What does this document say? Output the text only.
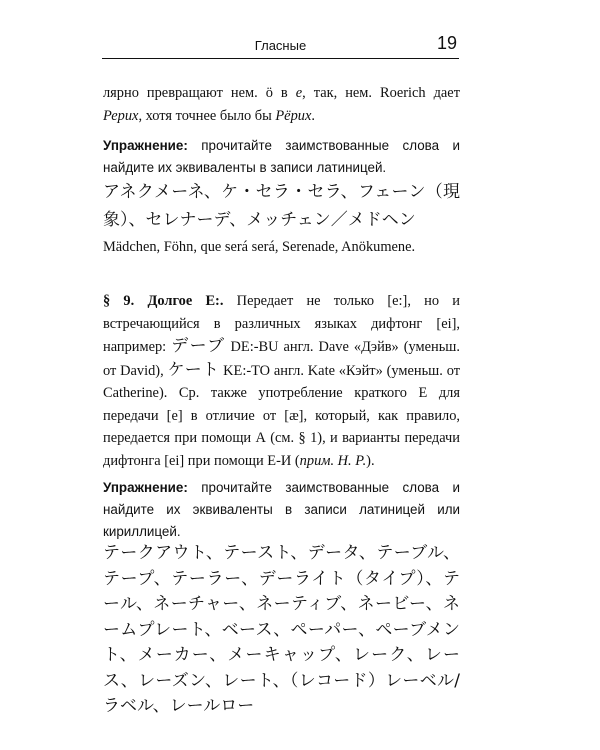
Гласные	19
лярно превращают нем. ö в е, так, нем. Roerich дает Рерих, хотя точнее было бы Рёрих.
Упражнение: прочитайте заимствованные слова и найдите их эквиваленты в записи латиницей.
アネクメーネ、ケ・セラ・セラ、フェーン（現象）、セレナーデ、メッチェン／メドヘン
Mädchen, Föhn, que será será, Serenade, Anökumene.
§ 9. Долгое Е:. Передает не только [e:], но и встречающийся в различных языках дифтонг [ei], например: デーブ DE:-BU англ. Dave «Дэйв» (уменьш. от David), ケート KE:-TO англ. Kate «Кэйт» (уменьш. от Catherine). Ср. также употребление краткого Е для передачи [e] в отличие от [æ], который, как правило, передается при помощи А (см. § 1), и варианты передачи дифтонга [ei] при помощи Е-И (прим. Н. Р.).
Упражнение: прочитайте заимствованные слова и найдите их эквиваленты в записи латиницей или кириллицей.
テークアウト、テースト、データ、テーブル、テープ、テーラー、デーライト（タイプ）、テール、ネーチャー、ネーティブ、ネービー、ネームプレート、ベース、ペーパー、ペーブメント、メーカー、メーキャップ、レーク、レース、レーズン、レート、（レコード）レーベル/ラベル、レールロー
